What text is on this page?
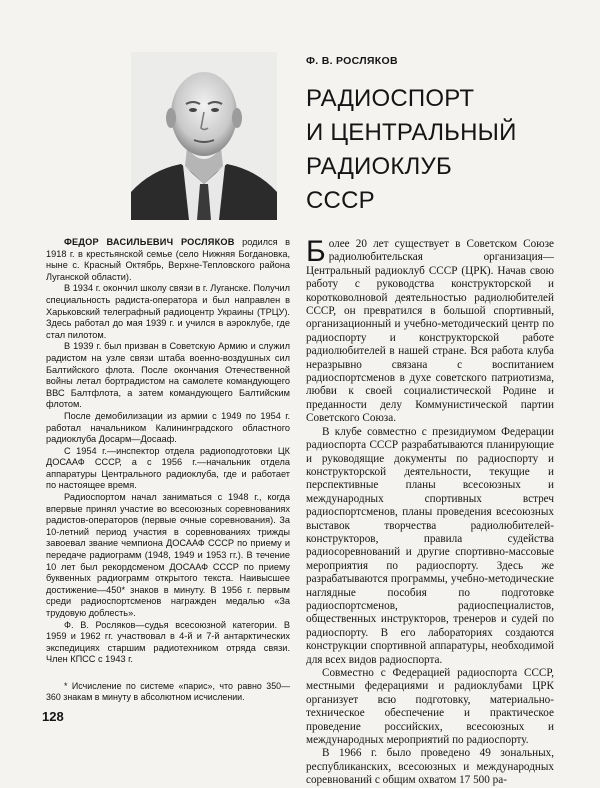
Ф. В. РОСЛЯКОВ
РАДИОСПОРТ
И ЦЕНТРАЛЬНЫЙ
РАДИОКЛУБ
СССР

ФЕДОР ВАСИЛЬЕВИЧ РОСЛЯКОВ родился в 1918 г. в крестьянской семье (село Нижняя Богдановка, ныне с. Красный Октябрь, Верхне-Тепловского района Луганской области).

В 1934 г. окончил школу связи в г. Луганске. Получил специальность радиста-оператора и был направлен в Харьковский телеграфный радиоцентр Украины (ТРЦУ). Здесь работал до мая 1939 г. и учился в аэроклубе, где стал пилотом.

В 1939 г. был призван в Советскую Армию и служил радистом на узле связи штаба военно-воздушных сил Балтийского флота. После окончания Отечественной войны летал бортрадистом на самолете командующего ВВС Балтфлота, а затем командующего Балтийским флотом.

После демобилизации из армии с 1949 по 1954 г. работал начальником Калининградского областного радиоклуба Досарм—Досааф.

С 1954 г.—инспектор отдела радиоподготовки ЦК ДОСААФ СССР, а с 1956 г.—начальник отдела аппаратуры Центрального радиоклуба, где и работает по настоящее время.

Радиоспортом начал заниматься с 1948 г., когда впервые принял участие во всесоюзных соревнованиях радистов-операторов (первые очные соревнования). За 10-летний период участия в соревнованиях трижды завоевал звание чемпиона ДОСААФ СССР по приему и передаче радиограмм (1948, 1949 и 1953 гг.). В течение 10 лет был рекордсменом ДОСААФ СССР по приему буквенных радиограмм открытого текста. Наивысшее достижение—450* знаков в минуту. В 1956 г. первым среди радиоспортсменов награжден медалью «За трудовую доблесть».

Ф. В. Росляков—судья всесоюзной категории. В 1959 и 1962 гг. участвовал в 4-й и 7-й антарктических экспедициях старшим радиотехником отряда связи. Член КПСС с 1943 г.

* Исчисление по системе «парис», что равно 350—360 знакам в минуту в абсолютном исчислении.

128

Более 20 лет существует в Советском Союзе радиолюбительская организация—Центральный радиоклуб СССР (ЦРК). Начав свою работу с руководства конструкторской и коротковолновой деятельностью радиолюбителей СССР, он превратился в большой спортивный, организационный и учебно-методический центр по радиоспорту и конструкторской работе радиолюбителей в нашей стране. Вся работа клуба неразрывно связана с воспитанием радиоспортсменов в духе советского патриотизма, любви к своей социалистической Родине и преданности делу Коммунистической партии Советского Союза.

В клубе совместно с президиумом Федерации радиоспорта СССР разрабатываются планирующие и руководящие документы по радиоспорту и конструкторской деятельности, текущие и перспективные планы всесоюзных и международных спортивных встреч радиоспортсменов, планы проведения всесоюзных выставок творчества радиолюбителей-конструкторов, правила судейства радиосоревнований и другие спортивно-массовые мероприятия по радиоспорту. Здесь же разрабатываются программы, учебно-методические наглядные пособия по подготовке радиоспортсменов, радиоспециалистов, общественных инструкторов, тренеров и судей по радиоспорту. В его лабораториях создаются конструкции спортивной аппаратуры, необходимой для всех видов радиоспорта.

Совместно с Федерацией радиоспорта СССР, местными федерациями и радиоклубами ЦРК организует всю подготовку, материально-техническое обеспечение и практическое проведение российских, всесоюзных и международных мероприятий по радиоспорту.

В 1966 г. было проведено 49 зональных, республиканских, всесоюзных и международных соревнований с общим охватом 17 500 ра-
